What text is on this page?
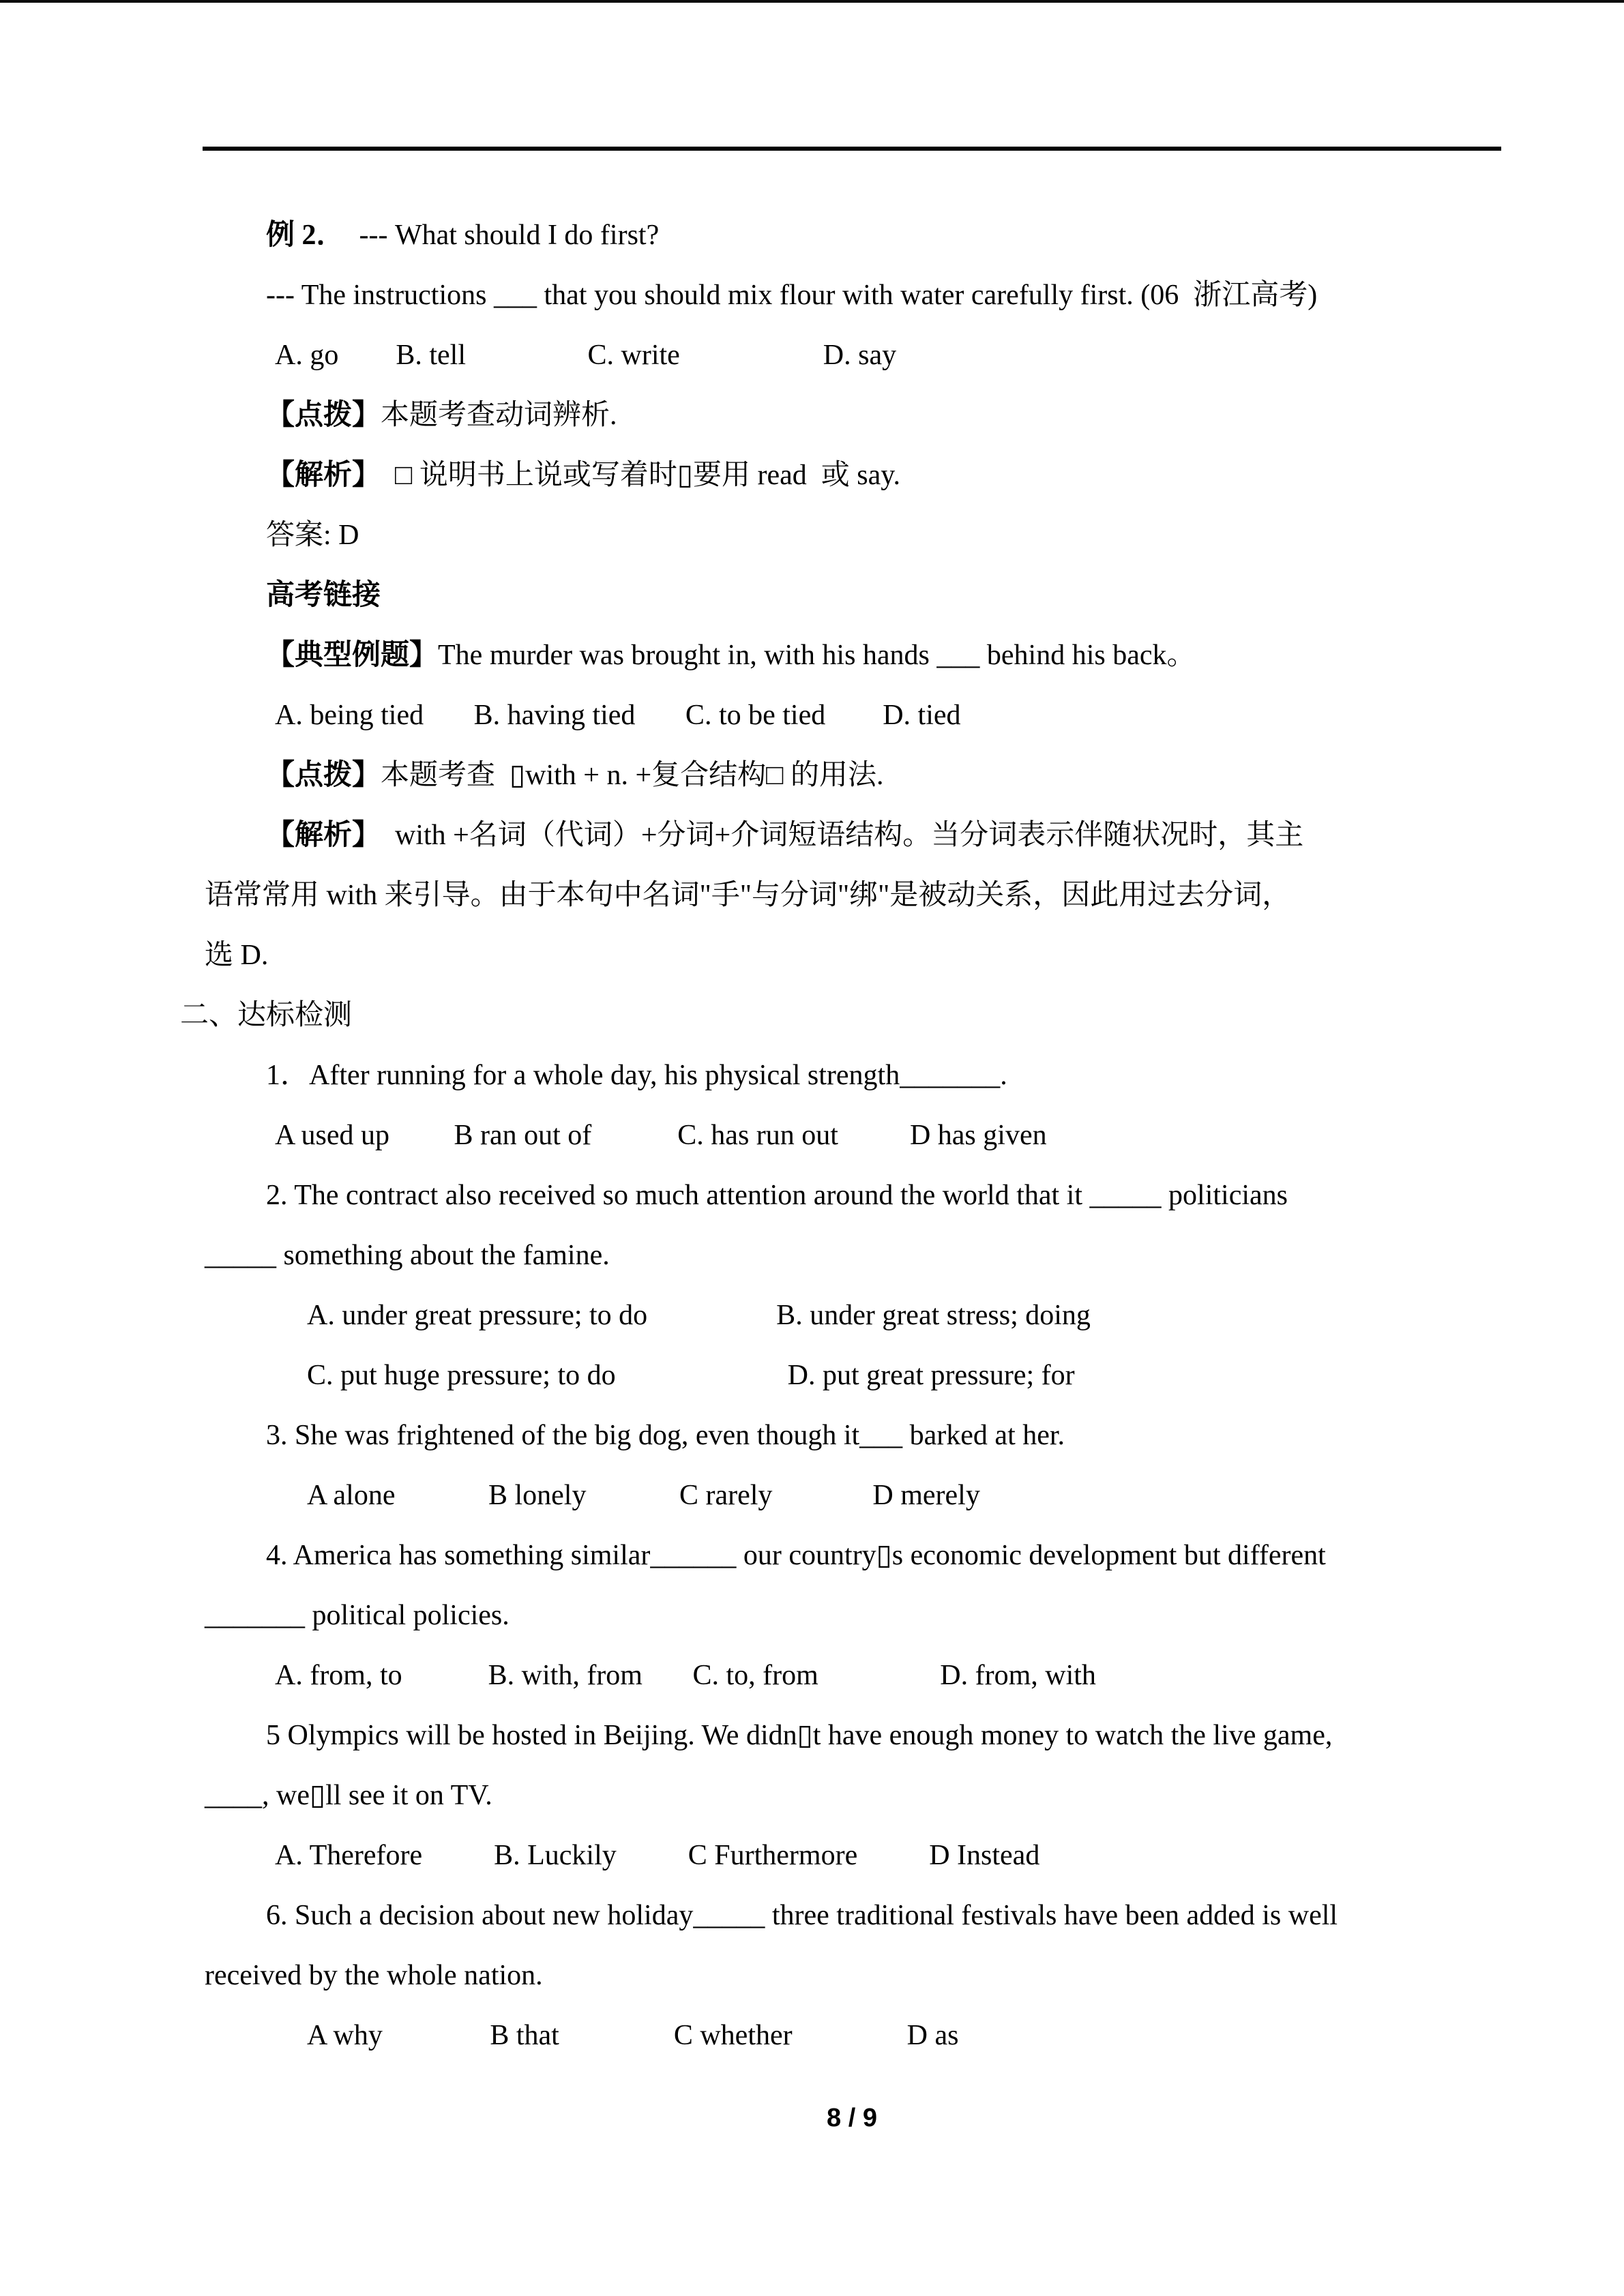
例 2．  --- What should I do first?
--- The instructions ___ that you should mix flour with water carefully first. (06  浙江高考)
A. go        B. tell                 C. write                    D. say
【点拨】本题考查动词辨析.
【解析】  □ 说明书上说或写着时▯要用 read  或 say.
答案: D
高考链接
【典型例题】The murder was brought in, with his hands ___ behind his back。
A. being tied       B. having tied       C. to be tied        D. tied
【点拨】本题考查  ▯with + n. +复合结构□ 的用法.
【解析】  with +名词（代词）+分词+介词短语结构。当分词表示伴随状况时，其主
语常常用 with 来引导。由于本句中名词"手"与分词"绑"是被动关系，因此用过去分词，
选 D.
二、达标检测
1．After running for a whole day, his physical strength_______.
A used up         B ran out of            C. has run out          D has given
2. The contract also received so much attention around the world that it _____ politicians
_____ something about the famine.
A. under great pressure; to do                  B. under great stress; doing
C. put huge pressure; to do                        D. put great pressure; for
3. She was frightened of the big dog, even though it___ barked at her.
A alone             B lonely             C rarely              D merely
4. America has something similar______ our country▯s economic development but different
_______ political policies.
A. from, to            B. with, from       C. to, from                 D. from, with
5 Olympics will be hosted in Beijing. We didn▯t have enough money to watch the live game,
____, we▯ll see it on TV.
A. Therefore          B. Luckily          C Furthermore          D Instead
6. Such a decision about new holiday_____ three traditional festivals have been added is well
received by the whole nation.
A why               B that                C whether                D as
8 / 9
